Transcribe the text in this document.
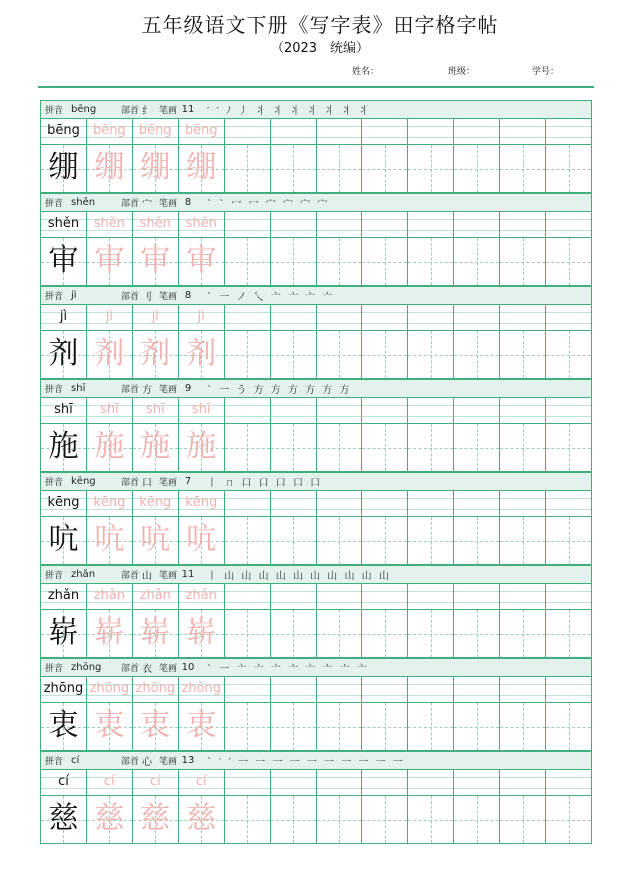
五年级语文下册《写字表》田字格字帖
（2023　统编）
姓名：	班级：	学号：
拼音 bēng	部首 纟 笔画 11	′ ′ ﾉ 丿 丬 丬 丬 丬 丬 丬 丬
bēng	bēng	bēng	bēng
绷 绷 绷 绷
拼音 shěn	部首 宀 笔画 8	` ` 冖 冖 宀 宀 宀 宀
shěn	shěn	shěn	shěn
审 审 审 审
拼音 jì	部首 刂 笔画 8	` 一 ノ 乀 亠 亠 亠 亠
jì	jì	jì	jì
剂 剂 剂 剂
拼音 shī	部首 方 笔画 9	` 一 う 方 方 方 方 方 方
shī	shī	shī	shī
施 施 施 施
拼音 kēng	部首 口 笔画 7	丨 ㄇ 口 口 口 口 口
kēng	kēng	kēng	kēng
吭 吭 吭 吭
拼音 zhǎn	部首 山 笔画 11	丨 山 山 山 山 山 山 山 山 山 山
zhǎn	zhǎn	zhǎn	zhǎn
崭 崭 崭 崭
拼音 zhōng	部首 衣 笔画 10	` 一 亠 亠 亠 亠 亠 亠 亠 亠
zhōng zhōng zhōng zhōng
衷 衷 衷 衷
拼音 cí	部首 心 笔画 13	` ′ ′ 一 一 一 一 一 一 一 一 一 一
cí	cí	cí	cí
慈 慈 慈 慈
